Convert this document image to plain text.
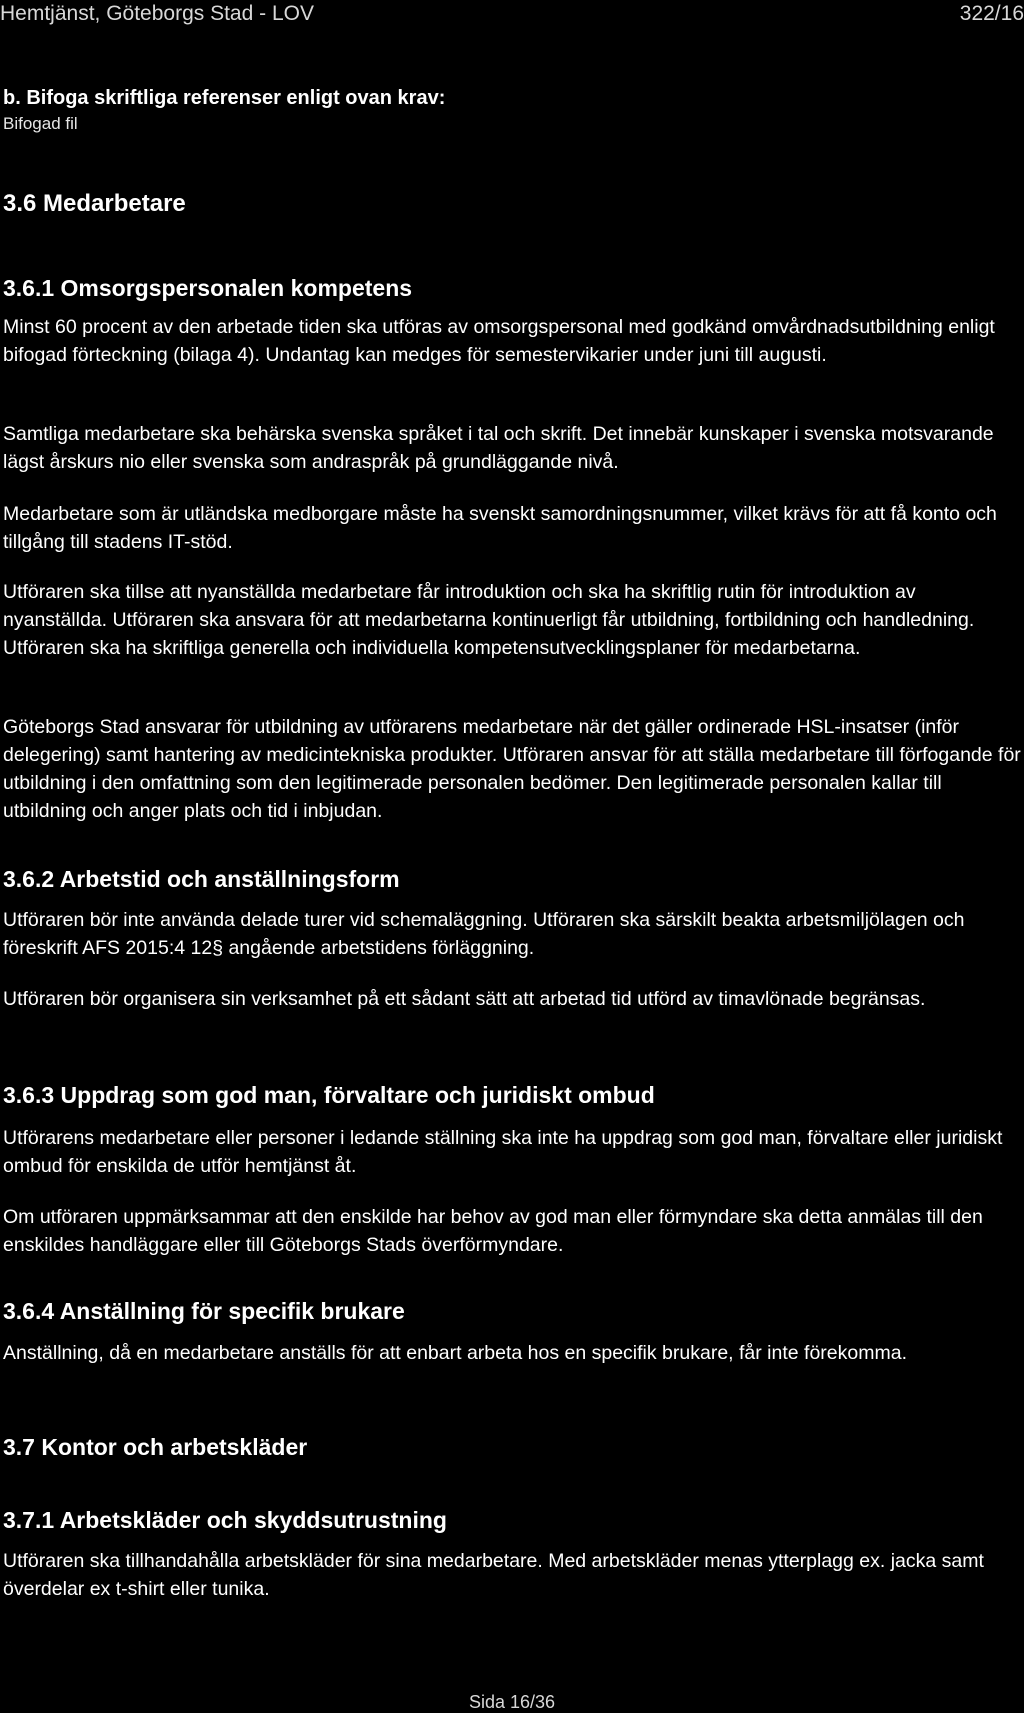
Hemtjänst, Göteborgs Stad - LOV	322/16
b. Bifoga skriftliga referenser enligt ovan krav:
Bifogad fil
3.6 Medarbetare
3.6.1 Omsorgspersonalen kompetens

Minst 60 procent av den arbetade tiden ska utföras av omsorgspersonal med godkänd omvårdnadsutbildning enligt bifogad förteckning (bilaga 4). Undantag kan medges för semestervikarier under juni till augusti.

Samtliga medarbetare ska behärska svenska språket i tal och skrift. Det innebär kunskaper i svenska motsvarande lägst årskurs nio eller svenska som andraspråk på grundläggande nivå.

Medarbetare som är utländska medborgare måste ha svenskt samordningsnummer, vilket krävs för att få konto och tillgång till stadens IT-stöd.

Utföraren ska tillse att nyanställda medarbetare får introduktion och ska ha skriftlig rutin för introduktion av nyanställda. Utföraren ska ansvara för att medarbetarna kontinuerligt får utbildning, fortbildning och handledning. Utföraren ska ha skriftliga generella och individuella kompetensutvecklingsplaner för medarbetarna.

Göteborgs Stad ansvarar för utbildning av utförarens medarbetare när det gäller ordinerade HSL-insatser (inför delegering) samt hantering av medicintekniska produkter. Utföraren ansvar för att ställa medarbetare till förfogande för utbildning i den omfattning som den legitimerade personalen bedömer. Den legitimerade personalen kallar till utbildning och anger plats och tid i inbjudan.

3.6.2 Arbetstid och anställningsform

Utföraren bör inte använda delade turer vid schemaläggning. Utföraren ska särskilt beakta arbetsmiljölagen och föreskrift AFS 2015:4 12§ angående arbetstidens förläggning.

Utföraren bör organisera sin verksamhet på ett sådant sätt att arbetad tid utförd av timavlönade begränsas.

3.6.3 Uppdrag som god man, förvaltare och juridiskt ombud

Utförarens medarbetare eller personer i ledande ställning ska inte ha uppdrag som god man, förvaltare eller juridiskt ombud för enskilda de utför hemtjänst åt.

Om utföraren uppmärksammar att den enskilde har behov av god man eller förmyndare ska detta anmälas till den enskildes handläggare eller till Göteborgs Stads överförmyndare.

3.6.4 Anställning för specifik brukare

Anställning, då en medarbetare anställs för att enbart arbeta hos en specifik brukare, får inte förekomma.

3.7 Kontor och arbetskläder
3.7.1 Arbetskläder och skyddsutrustning

Utföraren ska tillhandahålla arbetskläder för sina medarbetare. Med arbetskläder menas ytterplagg ex. jacka samt överdelar ex t-shirt eller tunika.

Sida 16/36
